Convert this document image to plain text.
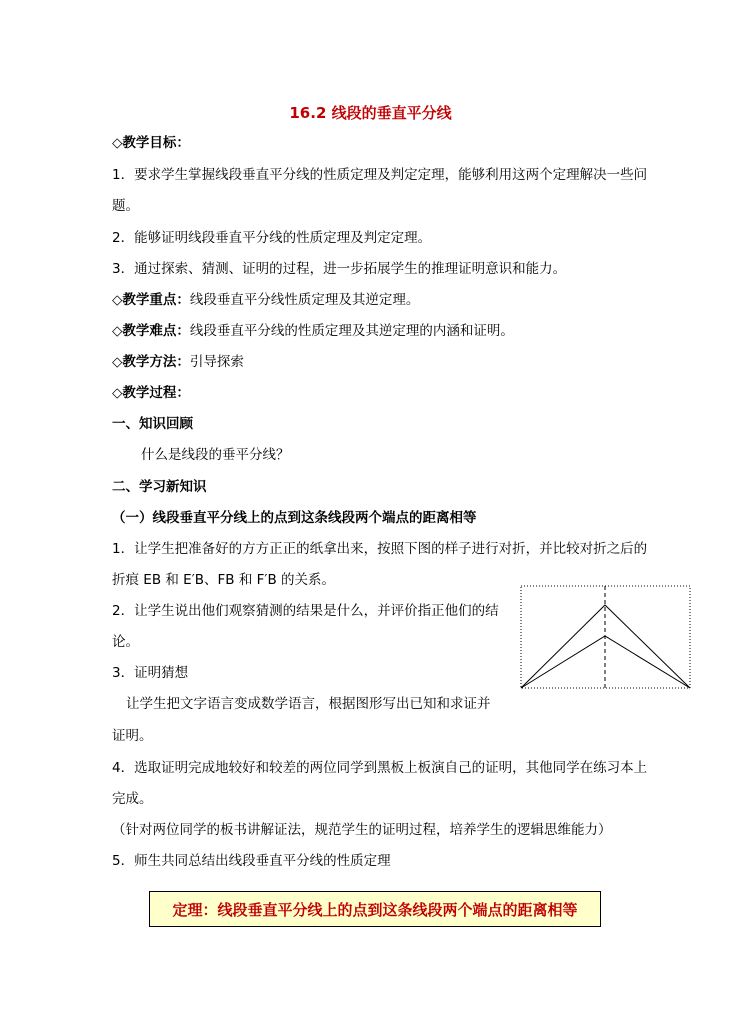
16.2 线段的垂直平分线
◇教学目标：
1．要求学生掌握线段垂直平分线的性质定理及判定定理，能够利用这两个定理解决一些问
题。
2．能够证明线段垂直平分线的性质定理及判定定理。
3．通过探索、猜测、证明的过程，进一步拓展学生的推理证明意识和能力。
◇教学重点：线段垂直平分线性质定理及其逆定理。
◇教学难点：线段垂直平分线的性质定理及其逆定理的内涵和证明。
◇教学方法：引导探索
◇教学过程：
一、知识回顾
什么是线段的垂平分线？
二、学习新知识
（一）线段垂直平分线上的点到这条线段两个端点的距离相等
1．让学生把准备好的方方正正的纸拿出来，按照下图的样子进行对折，并比较对折之后的
折痕 EB 和 E′B、FB 和 F′B 的关系。
2．让学生说出他们观察猜测的结果是什么，并评价指正他们的结
论。
3．证明猜想
让学生把文字语言变成数学语言，根据图形写出已知和求证并
证明。
4．选取证明完成地较好和较差的两位同学到黑板上板演自己的证明，其他同学在练习本上
完成。
（针对两位同学的板书讲解证法，规范学生的证明过程，培养学生的逻辑思维能力）
5．师生共同总结出线段垂直平分线的性质定理
定理：线段垂直平分线上的点到这条线段两个端点的距离相等
